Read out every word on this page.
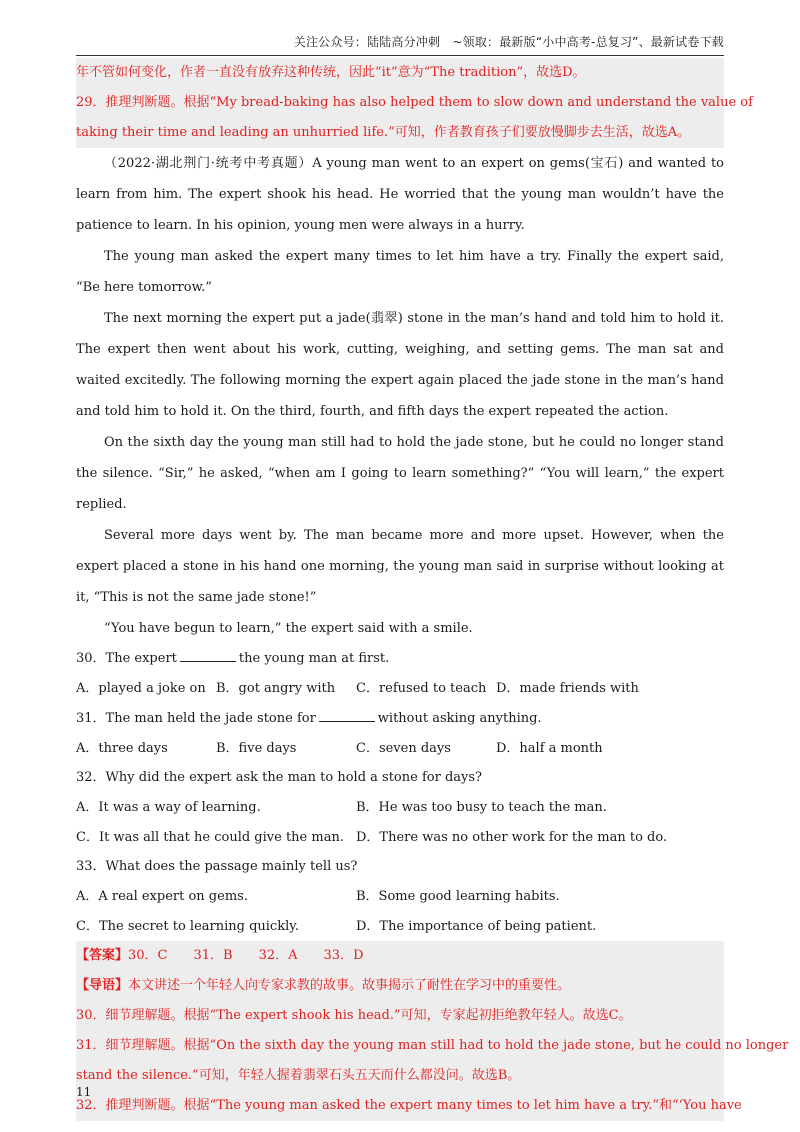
关注公众号：陆陆高分冲刺　~领取：最新版“小中高考-总复习”、最新试卷下载
年不管如何变化，作者一直没有放弃这种传统，因此“it”意为“The tradition”，故选D。
29．推理判断题。根据“My bread-baking has also helped them to slow down and understand the value of
taking their time and leading an unhurried life.”可知，作者教育孩子们要放慢脚步去生活，故选A。
（2022·湖北荆门·统考中考真题）A young man went to an expert on gems(宝石) and wanted to learn from him. The expert shook his head. He worried that the young man wouldn’t have the patience to learn. In his opinion, young men were always in a hurry.
The young man asked the expert many times to let him have a try. Finally the expert said, “Be here tomorrow.”
The next morning the expert put a jade(翡翠) stone in the man’s hand and told him to hold it. The expert then went about his work, cutting, weighing, and setting gems. The man sat and waited excitedly. The following morning the expert again placed the jade stone in the man’s hand and told him to hold it. On the third, fourth, and fifth days the expert repeated the action.
On the sixth day the young man still had to hold the jade stone, but he could no longer stand the silence. “Sir,” he asked, “when am I going to learn something?” “You will learn,” the expert replied.
Several more days went by. The man became more and more upset. However, when the expert placed a stone in his hand one morning, the young man said in surprise without looking at it, “This is not the same jade stone!”
“You have begun to learn,” the expert said with a smile.
30．The expert	the young man at first.
A．played a joke on B．got angry with	C．refused to teach D．made friends with
31．The man held the jade stone for	without asking anything.
A．three days	B．five days	C．seven days	D．half a month
32．Why did the expert ask the man to hold a stone for days?
A．It was a way of learning.	B．He was too busy to teach the man.
C．It was all that he could give the man. D．There was no other work for the man to do.
33．What does the passage mainly tell us?
A．A real expert on gems.	B．Some good learning habits.
C．The secret to learning quickly.	D．The importance of being patient.
【答案】30．C　　31．B　　32．A　　33．D
【导语】本文讲述一个年轻人向专家求教的故事。故事揭示了耐性在学习中的重要性。
30．细节理解题。根据“The expert shook his head.”可知，专家起初拒绝教年轻人。故选C。
31．细节理解题。根据“On the sixth day the young man still had to hold the jade stone, but he could no longer
stand the silence.”可知，年轻人握着翡翠石头五天而什么都没问。故选B。
32．推理判断题。根据“The young man asked the expert many times to let him have a try.”和“‘You have
11
